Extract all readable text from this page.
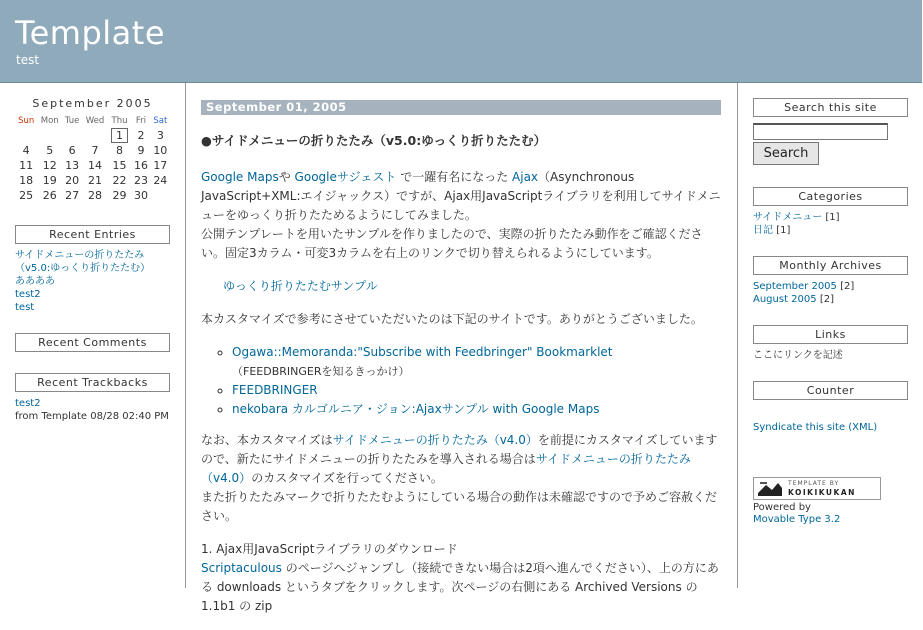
Template
test
September 2005
Sun	Mon	Tue	Wed	Thu	Fri	Sat
				1	2	3
4	5	6	7	8	9	10
11	12	13	14	15	16	17
18	19	20	21	22	23	24
25	26	27	28	29	30	
Recent Entries
サイドメニューの折りたたみ（v5.0:ゆっくり折りたたむ）
ああああ
test2
test
Recent Comments
Recent Trackbacks
test2
from Template 08/28 02:40 PM
September 01, 2005
●サイドメニューの折りたたみ（v5.0:ゆっくり折りたたむ）

Google Mapsや Googleサジェスト で一躍有名になった Ajax（Asynchronous JavaScript+XML:エイジャックス）ですが、Ajax用JavaScriptライブラリを利用してサイドメニューをゆっくり折りたためるようにしてみました。
公開テンプレートを用いたサンプルを作りましたので、実際の折りたたみ動作をご確認ください。固定3カラム・可変3カラムを右上のリンクで切り替えられるようにしています。

ゆっくり折りたたむサンプル

本カスタマイズで参考にさせていただいたのは下記のサイトです。ありがとうございました。

◦ Ogawa::Memoranda:"Subscribe with Feedbringer" Bookmarklet
（FEEDBRINGERを知るきっかけ）
◦ FEEDBRINGER
◦ nekobara カルゴルニア・ジョン:Ajaxサンプル with Google Maps

なお、本カスタマイズはサイドメニューの折りたたみ（v4.0）を前提にカスタマイズしていますので、新たにサイドメニューの折りたたみを導入される場合はサイドメニューの折りたたみ（v4.0）のカスタマイズを行ってください。
また折りたたみマークで折りたたむようにしている場合の動作は未確認ですので予めご容赦ください。

1. Ajax用JavaScriptライブラリのダウンロード
Scriptaculous のページへジャンプし（接続できない場合は2項へ進んでください）、上の方にある downloads というタブをクリックします。次ページの右側にある Archived Versions の 1.1b1 の zip

Search this site
Search
Categories
サイドメニュー [1]
日記 [1]
Monthly Archives
September 2005 [2]
August 2005 [2]
Links
ここにリンクを記述
Counter
Syndicate this site (XML)
TEMPLATE BY
KOIKIKUKAN
Powered by
Movable Type 3.2
